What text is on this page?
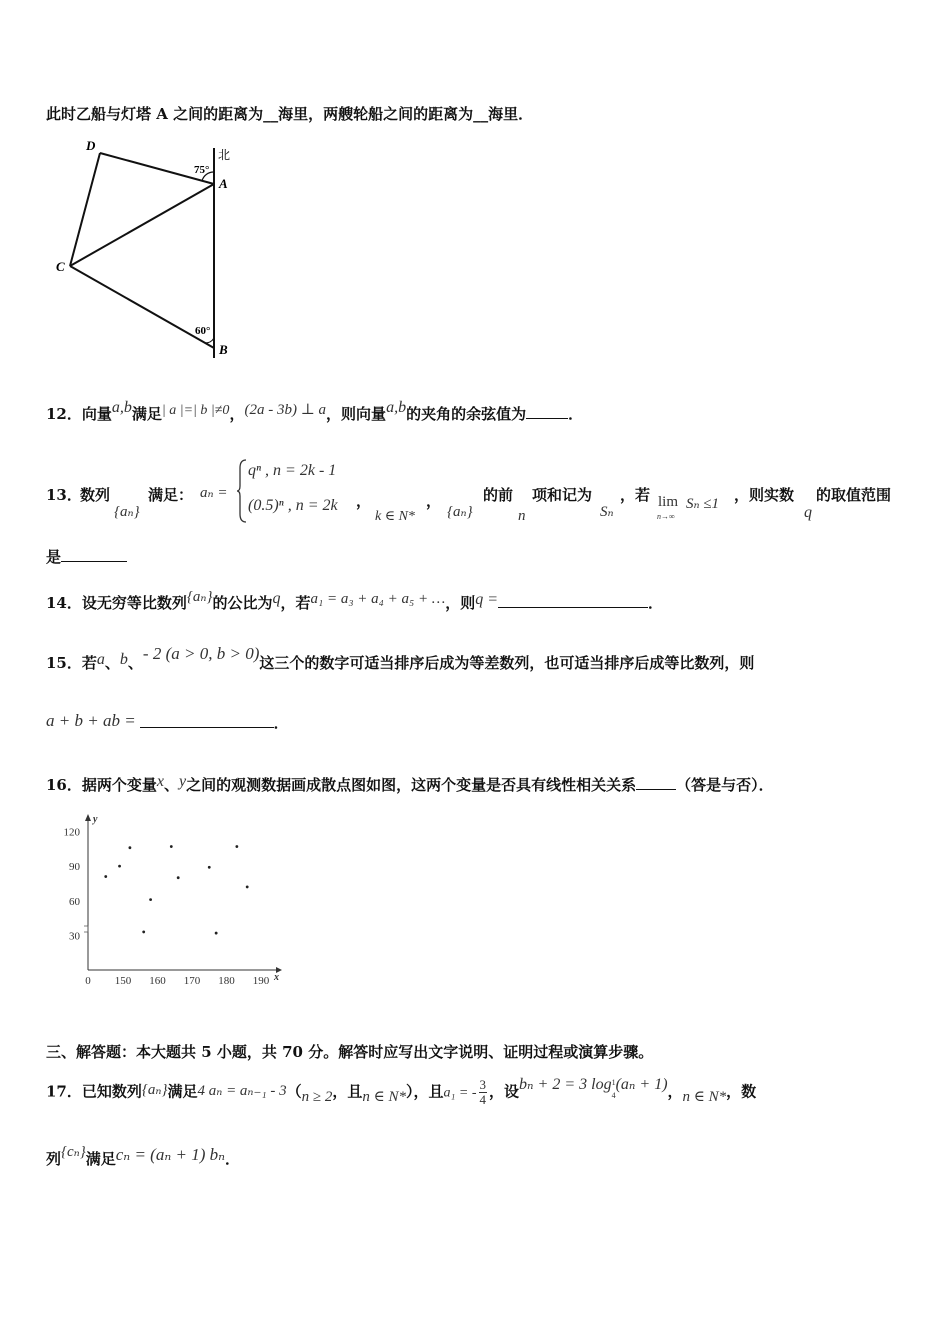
此时乙船与灯塔 A 之间的距离为__海里，两艘轮船之间的距离为__海里．
D
A
C
B
北
75°
60°
12．向量a,b满足| a |=| b |≠0，(2a - 3b) ⊥ a，则向量a,b的夹角的余弦值为	．
13．
数列
{aₙ}
满足： aₙ =
qⁿ , n = 2k - 1
(0.5)ⁿ , n = 2k ，
k ∈ N*
，
{aₙ}
的前
n
项和记为
Sₙ
，若 lim
n→∞
Sₙ ≤1 ，则实数
q
的取值范围
是
14．设无穷等比数列{aₙ}的公比为q，若a₁ = a₃ + a₄ + a₅ + …，则q =	．
15．若a、b、- 2 (a > 0, b > 0)这三个的数字可适当排序后成为等差数列，也可适当排序后成等比数列，则
a + b + ab =	．
16．据两个变量x、y之间的观测数据画成散点图如图，这两个变量是否具有线性相关关系	（答是与否）．
y
x
0 150 160 170 180 190
120
90
60
30
三、解答题：本大题共 5 小题，共 70 分。解答时应写出文字说明、证明过程或演算步骤。
17．已知数列{aₙ}满足4 aₙ = aₙ₋₁ - 3（n ≥ 2，且n ∈ N*），且a₁ = - $\frac{3}{4}$ ，设bₙ + 2 = 3 log 1
4
(aₙ + 1)，n ∈ N*，数
列{cₙ}满足cₙ = (aₙ + 1) bₙ．
